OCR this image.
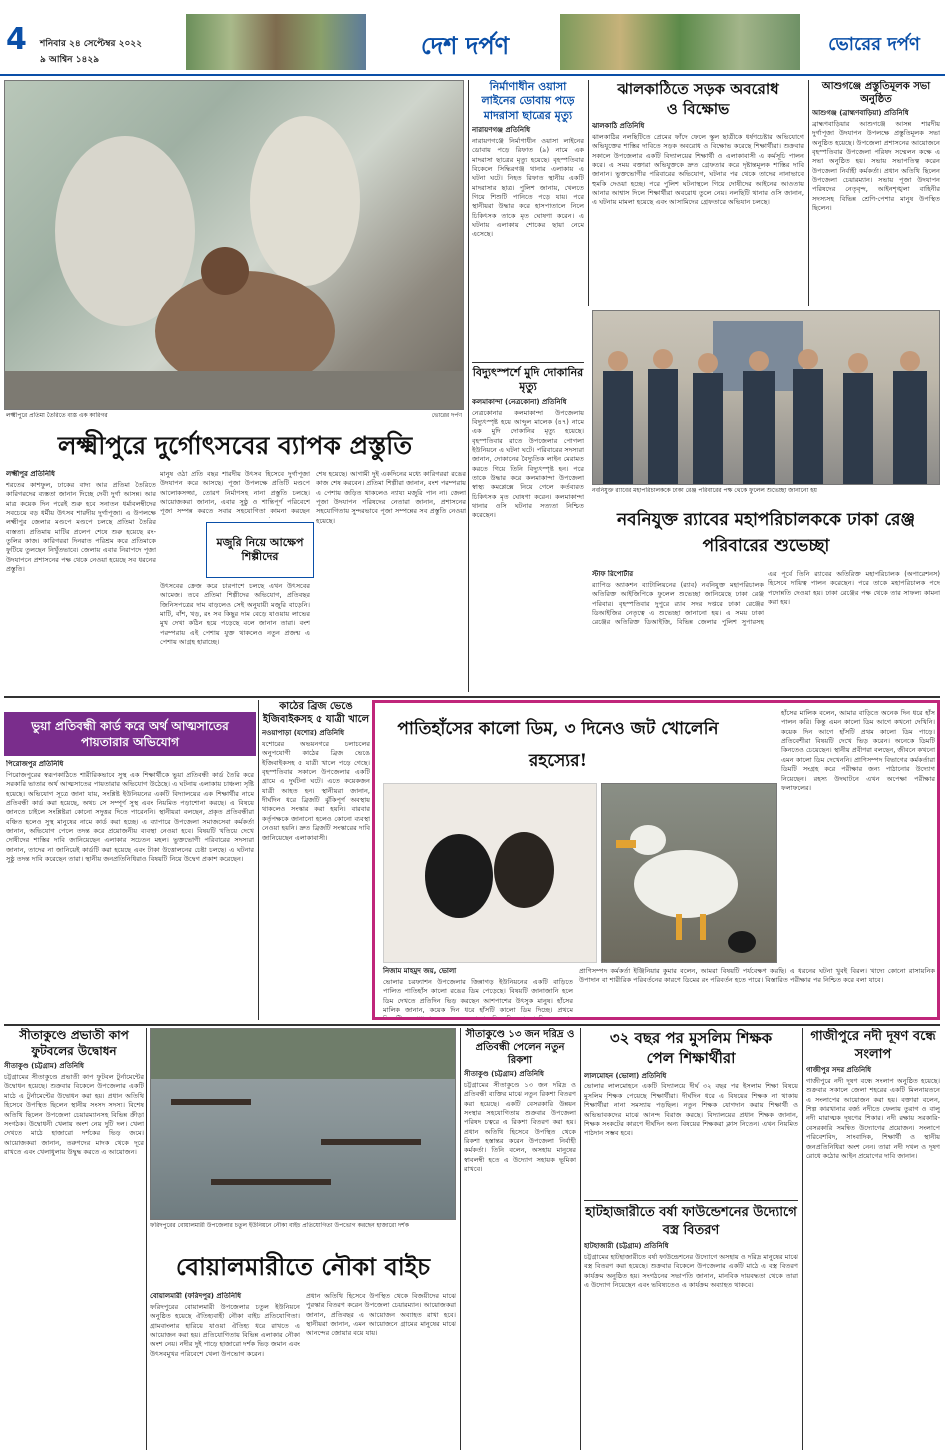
4	শনিবার ২৪ সেপ্টেম্বর ২০২২
৯ আশ্বিন ১৪২৯	দেশ দর্পণ	ভোরের দর্পণ
লক্ষ্মীপুরে প্রতিমা তৈরিতে ব্যস্ত এক কারিগর	ভোরের দর্পণ
লক্ষ্মীপুরে দুর্গোৎসবের ব্যাপক প্রস্তুতি
লক্ষ্মীপুর প্রতিনিধি
শরতের কাশফুল, ঢাকের বাদ্য আর প্রতিমা তৈরিতে কারিগরদের ব্যস্ততা জানান দিচ্ছে দেবী দুর্গা আসন্ন। আর মাত্র কয়েক দিন পরেই শুরু হবে সনাতন ধর্মাবলম্বীদের সবচেয়ে বড় ধর্মীয় উৎসব শারদীয় দুর্গাপূজা। এ উপলক্ষে লক্ষ্মীপুর জেলার মণ্ডপে মণ্ডপে চলছে প্রতিমা তৈরির ব্যস্ততা। প্রতিমায় মাটির প্রলেপ শেষে শুরু হয়েছে রং-তুলির কাজ। কারিগররা দিনরাত পরিশ্রম করে প্রতিমাকে ফুটিয়ে তুলছেন নিখুঁতভাবে। জেলায় এবার নিরাপদে পূজা উদযাপনে প্রশাসনের পক্ষ থেকে নেওয়া হয়েছে সব ধরনের প্রস্তুতি।
মানুষ ওঠা প্রতি বছর শারদীয় উৎসব হিসেবে দুর্গাপূজা উদযাপন করে আসছে। পূজা উপলক্ষে প্রতিটি মণ্ডপে আলোকসজ্জা, তোরণ নির্মাণসহ নানা প্রস্তুতি চলছে। আয়োজকরা জানান, এবার সুষ্ঠু ও শান্তিপূর্ণ পরিবেশে পূজা সম্পন্ন করতে সবার সহযোগিতা কামনা করছেন
মজুরি নিয়ে আক্ষেপ শিল্পীদের
উৎসবের ক্রেজ করে চারপাশে চলছে এখন উৎসবের আমেজ। তবে প্রতিমা শিল্পীদের অভিযোগ, প্রতিবছর জিনিসপত্রের দাম বাড়লেও সেই অনুযায়ী মজুরি বাড়েনি। মাটি, বাঁশ, খড়, রং সব কিছুর দাম বেড়ে যাওয়ায় লাভের মুখ দেখা কঠিন হয়ে পড়েছে বলে জানান তারা। বংশ পরম্পরায় এই পেশায় যুক্ত থাকলেও নতুন প্রজন্ম এ পেশায় আগ্রহ হারাচ্ছে।
শেষ হয়েছে। আগামী দুই একদিনের মধ্যে কারিগররা রঙের কাজ শেষ করবেন। প্রতিমা শিল্পীরা জানান, বংশ পরম্পরায় এ পেশায় জড়িত থাকলেও ন্যায্য মজুরি পান না। জেলা পূজা উদযাপন পরিষদের নেতারা জানান, প্রশাসনের সহযোগিতায় সুন্দরভাবে পূজা সম্পন্নের সব প্রস্তুতি নেওয়া হয়েছে।
নির্মাণাধীন ওয়াসা লাইনের ডোবায় পড়ে মাদরাসা ছাত্রের মৃত্যু
নারায়ণগঞ্জ প্রতিনিধি
নারায়ণগঞ্জে নির্মাণাধীন ওয়াসা লাইনের ডোবায় পড়ে রিফাত (৯) নামে এক মাদরাসা ছাত্রের মৃত্যু হয়েছে। বৃহস্পতিবার বিকেলে সিদ্ধিরগঞ্জ থানার এলাকায় এ ঘটনা ঘটে। নিহত রিফাত স্থানীয় একটি মাদরাসার ছাত্র। পুলিশ জানায়, খেলতে গিয়ে শিশুটি পানিতে পড়ে যায়। পরে স্থানীয়রা উদ্ধার করে হাসপাতালে নিলে চিকিৎসক তাকে মৃত ঘোষণা করেন। এ ঘটনায় এলাকায় শোকের ছায়া নেমে এসেছে।
বিদ্যুৎস্পর্শে মুদি দোকানির মৃত্যু
কলমাকান্দা (নেত্রকোনা) প্রতিনিধি
নেত্রকোনার কলমাকান্দা উপজেলায় বিদ্যুৎস্পৃষ্ট হয়ে আব্দুল মালেক (৪৭) নামে এক মুদি দোকানির মৃত্যু হয়েছে। বৃহস্পতিবার রাতে উপজেলার পোগলা ইউনিয়নে এ ঘটনা ঘটে। পরিবারের সদস্যরা জানান, দোকানের বৈদ্যুতিক লাইন মেরামত করতে গিয়ে তিনি বিদ্যুৎস্পৃষ্ট হন। পরে তাকে উদ্ধার করে কলমাকান্দা উপজেলা স্বাস্থ্য কমপ্লেক্সে নিয়ে গেলে কর্তব্যরত চিকিৎসক মৃত ঘোষণা করেন। কলমাকান্দা থানার ওসি ঘটনার সত্যতা নিশ্চিত করেছেন।
ঝালকাঠিতে সড়ক অবরোধ ও বিক্ষোভ
ঝালকাঠি প্রতিনিধি
ঝালকাঠির নলছিটিতে প্রেমের ফাঁদে ফেলে স্কুল ছাত্রীকে ধর্ষণচেষ্টার অভিযোগে অভিযুক্তের শাস্তির দাবিতে সড়ক অবরোধ ও বিক্ষোভ করেছে শিক্ষার্থীরা। শুক্রবার সকালে উপজেলার একটি বিদ্যালয়ের শিক্ষার্থী ও এলাকাবাসী এ কর্মসূচি পালন করে। এ সময় বক্তারা অভিযুক্তকে দ্রুত গ্রেফতার করে দৃষ্টান্তমূলক শাস্তির দাবি জানান। ভুক্তভোগীর পরিবারের অভিযোগ, ঘটনার পর থেকে তাদের নানাভাবে হুমকি দেওয়া হচ্ছে। পরে পুলিশ ঘটনাস্থলে গিয়ে দোষীদের আইনের আওতায় আনার আশ্বাস দিলে শিক্ষার্থীরা অবরোধ তুলে নেয়। নলছিটি থানার ওসি জানান, এ ঘটনায় মামলা হয়েছে এবং আসামিদের গ্রেফতারে অভিযান চলছে।
আশুগঞ্জে প্রস্তুতিমূলক সভা অনুষ্ঠিত
আশুগঞ্জ (ব্রাহ্মণবাড়িয়া) প্রতিনিধি
ব্রাহ্মণবাড়িয়ার আশুগঞ্জে আসন্ন শারদীয় দুর্গাপূজা উদযাপন উপলক্ষে প্রস্তুতিমূলক সভা অনুষ্ঠিত হয়েছে। উপজেলা প্রশাসনের আয়োজনে বৃহস্পতিবার উপজেলা পরিষদ সম্মেলন কক্ষে এ সভা অনুষ্ঠিত হয়। সভায় সভাপতিত্ব করেন উপজেলা নির্বাহী কর্মকর্তা। প্রধান অতিথি ছিলেন উপজেলা চেয়ারম্যান। সভায় পূজা উদযাপন পরিষদের নেতৃবৃন্দ, আইনশৃঙ্খলা বাহিনীর সদস্যসহ বিভিন্ন শ্রেণি-পেশার মানুষ উপস্থিত ছিলেন।
নবনিযুক্ত র‌্যাবের মহাপরিচালককে ঢাকা রেঞ্জ পরিবারের পক্ষ থেকে ফুলেল শুভেচ্ছা জানানো হয়
নবনিযুক্ত র‌্যাবের মহাপরিচালককে ঢাকা রেঞ্জ পরিবারের শুভেচ্ছা
স্টাফ রিপোর্টার
র‌্যাপিড অ্যাকশন ব্যাটালিয়নের (র‌্যাব) নবনিযুক্ত মহাপরিচালক অতিরিক্ত আইজিপিকে ফুলেল শুভেচ্ছা জানিয়েছে ঢাকা রেঞ্জ পরিবার। বৃহস্পতিবার দুপুরে র‌্যাব সদর দপ্তরে ঢাকা রেঞ্জের ডিআইজির নেতৃত্বে এ শুভেচ্ছা জানানো হয়। এ সময় ঢাকা রেঞ্জের অতিরিক্ত ডিআইজি, বিভিন্ন জেলার পুলিশ সুপারসহ
এর পূর্বে তিনি র‌্যাবের অতিরিক্ত মহাপরিচালক (অপারেশনস) হিসেবে দায়িত্ব পালন করেছেন। পরে তাকে মহাপরিচালক পদে পদোন্নতি দেওয়া হয়। ঢাকা রেঞ্জের পক্ষ থেকে তার সাফল্য কামনা করা হয়।
ভুয়া প্রতিবন্ধী কার্ড করে অর্থ আত্মসাতের পায়তারার অভিযোগ
পিরোজপুর প্রতিনিধি
পিরোজপুরের স্বরূপকাঠিতে শারীরিকভাবে সুস্থ এক শিক্ষার্থীকে ভুয়া প্রতিবন্ধী কার্ড তৈরি করে সরকারি ভাতার অর্থ আত্মসাতের পায়তারার অভিযোগ উঠেছে। এ ঘটনায় এলাকায় চাঞ্চল্য সৃষ্টি হয়েছে। অভিযোগ সূত্রে জানা যায়, সংশ্লিষ্ট ইউনিয়নের একটি বিদ্যালয়ের এক শিক্ষার্থীর নামে প্রতিবন্ধী কার্ড করা হয়েছে, অথচ সে সম্পূর্ণ সুস্থ এবং নিয়মিত পড়াশোনা করছে। এ বিষয়ে জানতে চাইলে সংশ্লিষ্টরা কোনো সদুত্তর দিতে পারেননি। স্থানীয়রা বলছেন, প্রকৃত প্রতিবন্ধীরা বঞ্চিত হলেও সুস্থ মানুষের নামে কার্ড করা হচ্ছে। এ ব্যাপারে উপজেলা সমাজসেবা কর্মকর্তা জানান, অভিযোগ পেলে তদন্ত করে প্রয়োজনীয় ব্যবস্থা নেওয়া হবে। বিষয়টি খতিয়ে দেখে দোষীদের শাস্তির দাবি জানিয়েছেন এলাকার সচেতন মহল। ভুক্তভোগী পরিবারের সদস্যরা জানান, তাদের না জানিয়েই কার্ডটি করা হয়েছে এবং টাকা উত্তোলনের চেষ্টা চলছে। এ ঘটনার সুষ্ঠু তদন্ত দাবি করেছেন তারা। স্থানীয় জনপ্রতিনিধিরাও বিষয়টি নিয়ে উদ্বেগ প্রকাশ করেছেন।
কাঠের ব্রিজ ভেঙে ইজিবাইকসহ ৫ যাত্রী খালে
নওয়াপাড়া (যশোর) প্রতিনিধি
যশোরের অভয়নগরে চলাচলের অনুপযোগী কাঠের ব্রিজ ভেঙে ইজিবাইকসহ ৫ যাত্রী খালে পড়ে গেছে। বৃহস্পতিবার সকালে উপজেলার একটি গ্রামে এ দুর্ঘটনা ঘটে। এতে কয়েকজন যাত্রী আহত হন। স্থানীয়রা জানান, দীর্ঘদিন ধরে ব্রিজটি ঝুঁকিপূর্ণ অবস্থায় থাকলেও সংস্কার করা হয়নি। বারবার কর্তৃপক্ষকে জানানো হলেও কোনো ব্যবস্থা নেওয়া হয়নি। দ্রুত ব্রিজটি সংস্কারের দাবি জানিয়েছেন এলাকাবাসী।
পাতিহাঁসের কালো ডিম, ৩ দিনেও জট খোলেনি রহস্যের!
হাঁসের মালিক বলেন, আমার বাড়িতে অনেক দিন ধরে হাঁস পালন করি। কিন্তু এমন কালো ডিম আগে কখনো দেখিনি। কয়েক দিন আগে হাঁসটি প্রথম কালো ডিম পাড়ে। প্রতিবেশীরা বিষয়টি দেখে ভিড় করেন। অনেকে ডিমটি কিনতেও চেয়েছেন। স্থানীয় প্রবীণরা বলছেন, জীবনে কখনো এমন কালো ডিম দেখেননি। প্রাণিসম্পদ বিভাগের কর্মকর্তারা ডিমটি সংগ্রহ করে পরীক্ষার জন্য পাঠানোর উদ্যোগ নিয়েছেন। রহস্য উদঘাটনে এখন অপেক্ষা পরীক্ষার ফলাফলের।
নিজাম মাহমুদ জয়, ভোলা
ভোলার চরফ্যাশন উপজেলার জিন্নাগড় ইউনিয়নের একটি বাড়িতে পালিত পাতিহাঁস কালো রঙের ডিম পেড়েছে। বিষয়টি জানাজানি হলে ডিম দেখতে প্রতিদিন ভিড় করছেন আশপাশের উৎসুক মানুষ। হাঁসের মালিক জানান, কয়েক দিন ধরে হাঁসটি কালো ডিম দিচ্ছে। প্রথমে বিষয়টিকে সাধারণ মনে করলেও পরপর তিন দিন কালো ডিম দেওয়ায়
প্রাণিসম্পদ কর্মকর্তা ইঞ্জিনিয়ার কুমার বলেন, আমরা বিষয়টি পর্যবেক্ষণ করছি। এ ধরনের ঘটনা খুবই বিরল। খাদ্যে কোনো রাসায়নিক উপাদান বা শারীরিক পরিবর্তনের কারণে ডিমের রং পরিবর্তন হতে পারে। বিস্তারিত পরীক্ষার পর নিশ্চিত করে বলা যাবে।
সীতাকুণ্ডে প্রভাতী কাপ ফুটবলের উদ্বোধন
সীতাকুণ্ড (চট্টগ্রাম) প্রতিনিধি
চট্টগ্রামের সীতাকুণ্ডে প্রভাতী কাপ ফুটবল টুর্নামেন্টের উদ্বোধন হয়েছে। শুক্রবার বিকেলে উপজেলার একটি মাঠে এ টুর্নামেন্টের উদ্বোধন করা হয়। প্রধান অতিথি হিসেবে উপস্থিত ছিলেন স্থানীয় সংসদ সদস্য। বিশেষ অতিথি ছিলেন উপজেলা চেয়ারম্যানসহ বিভিন্ন ক্রীড়া সংগঠক। উদ্বোধনী খেলায় অংশ নেয় দুটি দল। খেলা দেখতে মাঠে হাজারো দর্শকের ভিড় জমে। আয়োজকরা জানান, তরুণদের মাদক থেকে দূরে রাখতে এবং খেলাধুলায় উদ্বুদ্ধ করতে এ আয়োজন।
ফরিদপুরের বোয়ালমারী উপজেলার চতুল ইউনিয়নে নৌকা বাইচ প্রতিযোগিতা উপভোগ করছেন হাজারো দর্শক
বোয়ালমারীতে নৌকা বাইচ
বোয়ালমারী (ফরিদপুর) প্রতিনিধি
ফরিদপুরের বোয়ালমারী উপজেলার চতুল ইউনিয়নে অনুষ্ঠিত হয়েছে ঐতিহ্যবাহী নৌকা বাইচ প্রতিযোগিতা। গ্রামবাংলার হারিয়ে যাওয়া ঐতিহ্য ধরে রাখতে এ আয়োজন করা হয়। প্রতিযোগিতায় বিভিন্ন এলাকার নৌকা অংশ নেয়। নদীর দুই পাড়ে হাজারো দর্শক ভিড় জমান এবং উৎসবমুখর পরিবেশে খেলা উপভোগ করেন।
প্রধান অতিথি হিসেবে উপস্থিত থেকে বিজয়ীদের মাঝে পুরস্কার বিতরণ করেন উপজেলা চেয়ারম্যান। আয়োজকরা জানান, প্রতিবছর এ আয়োজন অব্যাহত রাখা হবে। স্থানীয়রা জানান, এমন আয়োজনে গ্রামের মানুষের মাঝে আনন্দের জোয়ার বয়ে যায়।
সীতাকুণ্ডে ১৩ জন দরিদ্র ও প্রতিবন্ধী পেলেন নতুন রিকশা
সীতাকুণ্ড (চট্টগ্রাম) প্রতিনিধি
চট্টগ্রামের সীতাকুণ্ডে ১৩ জন দরিদ্র ও প্রতিবন্ধী ব্যক্তির মাঝে নতুন রিকশা বিতরণ করা হয়েছে। একটি বেসরকারি উন্নয়ন সংস্থার সহযোগিতায় শুক্রবার উপজেলা পরিষদ চত্বরে এ রিকশা বিতরণ করা হয়। প্রধান অতিথি হিসেবে উপস্থিত থেকে রিকশা হস্তান্তর করেন উপজেলা নির্বাহী কর্মকর্তা। তিনি বলেন, অসহায় মানুষের স্বাবলম্বী হতে এ উদ্যোগ সহায়ক ভূমিকা রাখবে।
৩২ বছর পর মুসলিম শিক্ষক পেল শিক্ষার্থীরা
লালমোহন (ভোলা) প্রতিনিধি
ভোলার লালমোহনে একটি বিদ্যালয়ে দীর্ঘ ৩২ বছর পর ইসলাম শিক্ষা বিষয়ে মুসলিম শিক্ষক পেয়েছে শিক্ষার্থীরা। দীর্ঘদিন ধরে এ বিষয়ের শিক্ষক না থাকায় শিক্ষার্থীরা নানা সমস্যায় পড়ছিল। নতুন শিক্ষক যোগদান করায় শিক্ষার্থী ও অভিভাবকদের মাঝে আনন্দ বিরাজ করছে। বিদ্যালয়ের প্রধান শিক্ষক জানান, শিক্ষক সংকটের কারণে দীর্ঘদিন অন্য বিষয়ের শিক্ষকরা ক্লাস নিতেন। এখন নিয়মিত পাঠদান সম্ভব হবে।
হাটহাজারীতে বর্ষা ফাউন্ডেশনের উদ্যোগে বস্ত্র বিতরণ
হাটহাজারী (চট্টগ্রাম) প্রতিনিধি
চট্টগ্রামের হাটহাজারীতে বর্ষা ফাউন্ডেশনের উদ্যোগে অসহায় ও দরিদ্র মানুষের মাঝে বস্ত্র বিতরণ করা হয়েছে। শুক্রবার বিকেলে উপজেলার একটি মাঠে এ বস্ত্র বিতরণ কার্যক্রম অনুষ্ঠিত হয়। সংগঠনের সভাপতি জানান, মানবিক দায়বদ্ধতা থেকে তারা এ উদ্যোগ নিয়েছেন এবং ভবিষ্যতেও এ কার্যক্রম অব্যাহত থাকবে।
গাজীপুরে নদী দূষণ বন্ধে সংলাপ
গাজীপুর সদর প্রতিনিধি
গাজীপুরে নদী দূষণ বন্ধে সংলাপ অনুষ্ঠিত হয়েছে। শুক্রবার সকালে জেলা শহরের একটি মিলনায়তনে এ সংলাপের আয়োজন করা হয়। বক্তারা বলেন, শিল্প কারখানার বর্জ্য নদীতে ফেলায় তুরাগ ও বালু নদী মারাত্মক দূষণের শিকার। নদী রক্ষায় সরকারি-বেসরকারি সমন্বিত উদ্যোগের প্রয়োজন। সংলাপে পরিবেশবিদ, সাংবাদিক, শিক্ষার্থী ও স্থানীয় জনপ্রতিনিধিরা অংশ নেন। তারা নদী দখল ও দূষণ রোধে কঠোর আইন প্রয়োগের দাবি জানান।
